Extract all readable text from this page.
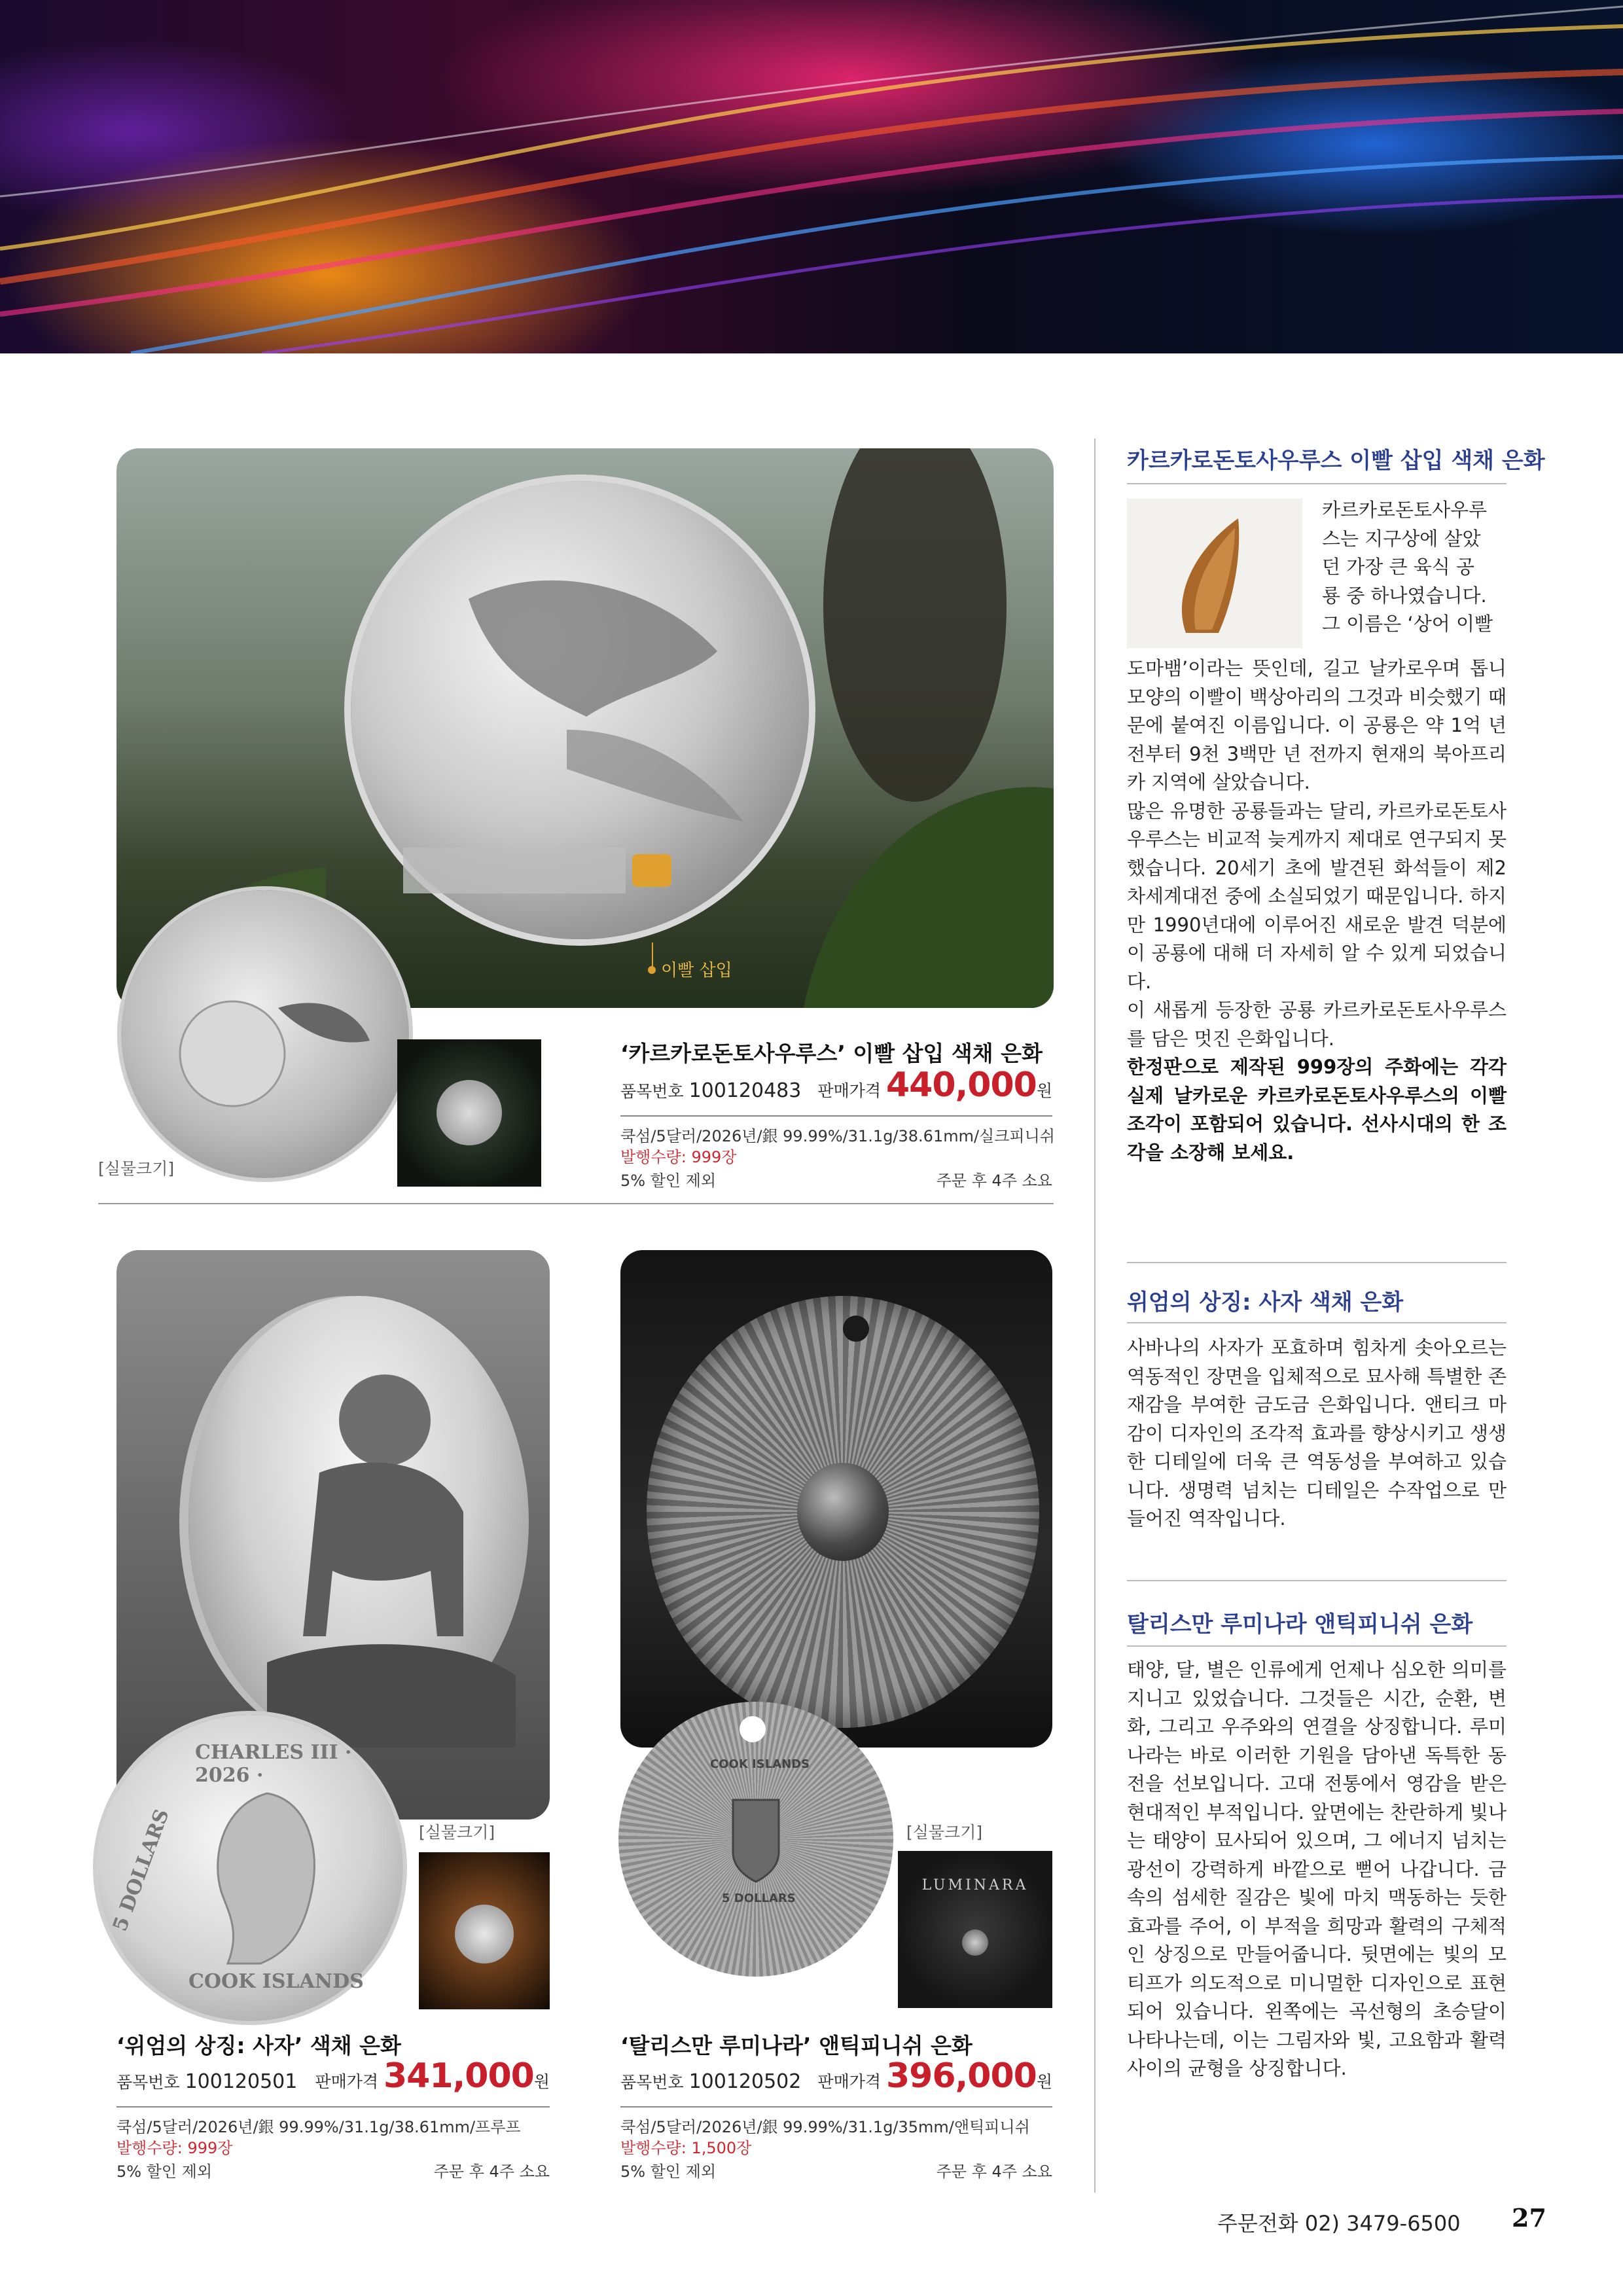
이빨 삽입
[실물크기]
‘카르카로돈토사우루스’ 이빨 삽입 색채 은화
품목번호 100120483	판매가격 440,000원
쿡섬/5달러/2026년/銀 99.99%/31.1g/38.61mm/실크피니쉬
발행수량: 999장
5% 할인 제외	주문 후 4주 소요
CHARLES III · 2026 ·
5 DOLLARS
COOK ISLANDS
[실물크기]
‘위엄의 상징: 사자’ 색채 은화
품목번호 100120501	판매가격 341,000원
쿡섬/5달러/2026년/銀 99.99%/31.1g/38.61mm/프루프
발행수량: 999장
5% 할인 제외	주문 후 4주 소요
COOK ISLANDS
5 DOLLARS
[실물크기]
LUMINARA
‘탈리스만 루미나라’ 앤틱피니쉬 은화
품목번호 100120502	판매가격 396,000원
쿡섬/5달러/2026년/銀 99.99%/31.1g/35mm/앤틱피니쉬
발행수량: 1,500장
5% 할인 제외	주문 후 4주 소요
카르카로돈토사우루스 이빨 삽입 색채 은화
카르카로돈토사우루
스는 지구상에 살았
던 가장 큰 육식 공
룡 중 하나였습니다.
그 이름은 ‘상어 이빨
도마뱀’이라는 뜻인데, 길고 날카로우며 톱니 모양의 이빨이 백상아리의 그것과 비슷했기 때문에 붙여진 이름입니다. 이 공룡은 약 1억 년 전부터 9천 3백만 년 전까지 현재의 북아프리카 지역에 살았습니다.
많은 유명한 공룡들과는 달리, 카르카로돈토사우루스는 비교적 늦게까지 제대로 연구되지 못했습니다. 20세기 초에 발견된 화석들이 제2차세계대전 중에 소실되었기 때문입니다. 하지만 1990년대에 이루어진 새로운 발견 덕분에 이 공룡에 대해 더 자세히 알 수 있게 되었습니다.
이 새롭게 등장한 공룡 카르카로돈토사우루스를 담은 멋진 은화입니다.
한정판으로 제작된 999장의 주화에는 각각 실제 날카로운 카르카로돈토사우루스의 이빨 조각이 포함되어 있습니다. 선사시대의 한 조각을 소장해 보세요.
위엄의 상징: 사자 색채 은화
사바나의 사자가 포효하며 힘차게 솟아오르는 역동적인 장면을 입체적으로 묘사해 특별한 존재감을 부여한 금도금 은화입니다. 앤티크 마감이 디자인의 조각적 효과를 향상시키고 생생한 디테일에 더욱 큰 역동성을 부여하고 있습니다. 생명력 넘치는 디테일은 수작업으로 만들어진 역작입니다.
탈리스만 루미나라 앤틱피니쉬 은화
태양, 달, 별은 인류에게 언제나 심오한 의미를 지니고 있었습니다. 그것들은 시간, 순환, 변화, 그리고 우주와의 연결을 상징합니다. 루미나라는 바로 이러한 기원을 담아낸 독특한 동전을 선보입니다. 고대 전통에서 영감을 받은 현대적인 부적입니다. 앞면에는 찬란하게 빛나는 태양이 묘사되어 있으며, 그 에너지 넘치는 광선이 강력하게 바깥으로 뻗어 나갑니다. 금속의 섬세한 질감은 빛에 마치 맥동하는 듯한 효과를 주어, 이 부적을 희망과 활력의 구체적인 상징으로 만들어줍니다. 뒷면에는 빛의 모티프가 의도적으로 미니멀한 디자인으로 표현되어 있습니다. 왼쪽에는 곡선형의 초승달이 나타나는데, 이는 그림자와 빛, 고요함과 활력 사이의 균형을 상징합니다.
주문전화 02) 3479-6500 27
